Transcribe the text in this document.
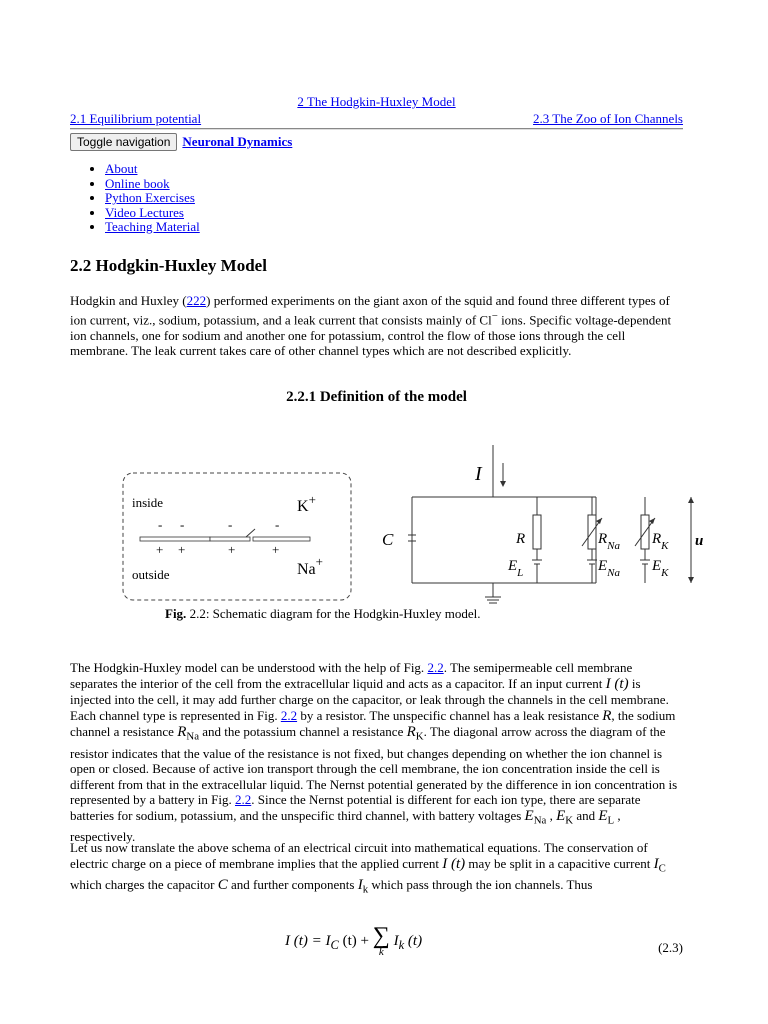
2 The Hodgkin-Huxley Model
2.1 Equilibrium potential	2.3 The Zoo of Ion Channels
Toggle navigation Neuronal Dynamics
• About
• Online book
• Python Exercises
• Video Lectures
• Teaching Material
2.2 Hodgkin-Huxley Model

Hodgkin and Huxley (222) performed experiments on the giant axon of the squid and found three different types of ion current, viz., sodium, potassium, and a leak current that consists mainly of Cl− ions. Specific voltage-dependent ion channels, one for sodium and another one for potassium, control the flow of those ions through the cell membrane. The leak current takes care of other channel types which are not described explicitly.

2.2.1 Definition of the model
inside
outside
K+
Na+
- -	-	-
+ +	+	+
I
C	R	$R_{Na}$ $R_K$
$E_L$	$E_{Na}$ $E_K$
u
Fig. 2.2: Schematic diagram for the Hodgkin-Huxley model.

The Hodgkin-Huxley model can be understood with the help of Fig. 2.2. The semipermeable cell membrane separates the interior of the cell from the extracellular liquid and acts as a capacitor. If an input current I (t) is injected into the cell, it may add further charge on the capacitor, or leak through the channels in the cell membrane. Each channel type is represented in Fig. 2.2 by a resistor. The unspecific channel has a leak resistance R, the sodium channel a resistance $R_{Na}$ and the potassium channel a resistance $R_K$. The diagonal arrow across the diagram of the resistor indicates that the value of the resistance is not fixed, but changes depending on whether the ion channel is open or closed. Because of active ion transport through the cell membrane, the ion concentration inside the cell is different from that in the extracellular liquid. The Nernst potential generated by the difference in ion concentration is represented by a battery in Fig. 2.2. Since the Nernst potential is different for each ion type, there are separate batteries for sodium, potassium, and the unspecific third channel, with battery voltages $E_{Na}$ , $E_K$ and $E_L$ , respectively.

Let us now translate the above schema of an electrical circuit into mathematical equations. The conservation of electric charge on a piece of membrane implies that the applied current I (t) may be split in a capacitive current $I_C$ which charges the capacitor C and further components $I_k$ which pass through the ion channels. Thus

I $(t) = I_C$ (t) + ∑
k
$I_k$ (t)	(2.3)
